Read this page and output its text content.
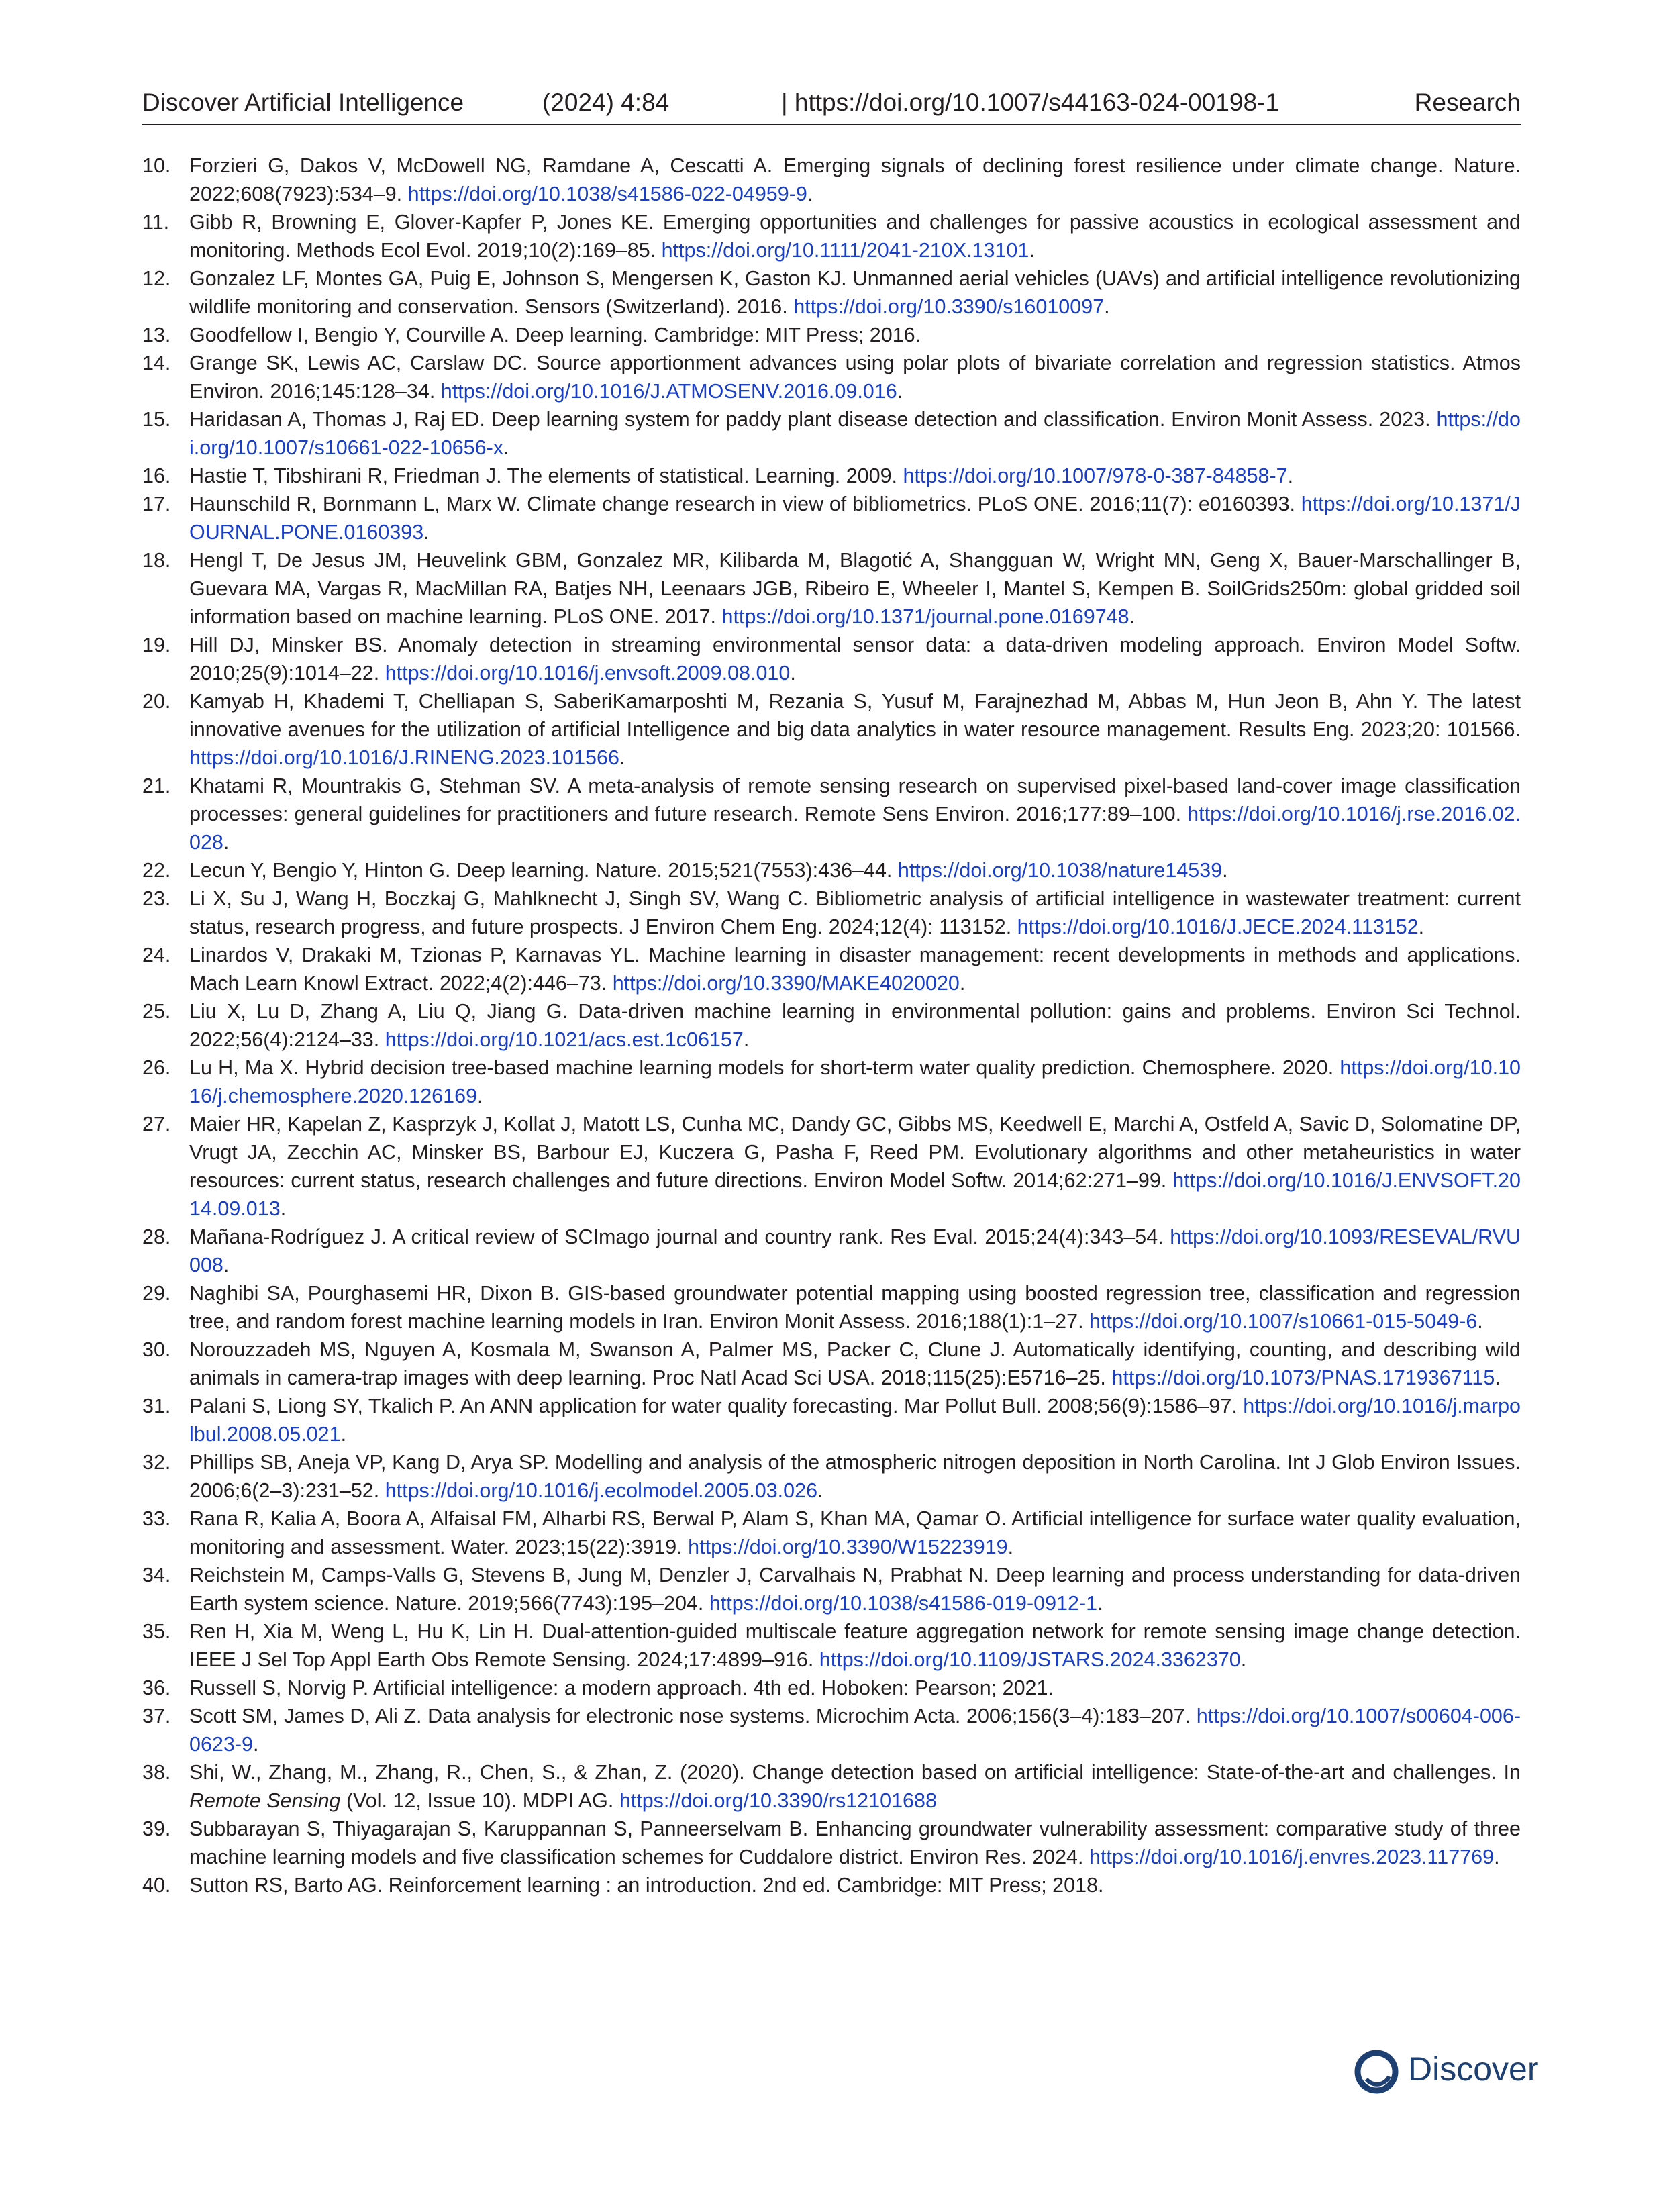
Discover Artificial Intelligence	(2024) 4:84	| https://doi.org/10.1007/s44163-024-00198-1	Research
10. Forzieri G, Dakos V, McDowell NG, Ramdane A, Cescatti A. Emerging signals of declining forest resilience under climate change. Nature. 2022;608(7923):534–9. https://doi.org/10.1038/s41586-022-04959-9.
11. Gibb R, Browning E, Glover-Kapfer P, Jones KE. Emerging opportunities and challenges for passive acoustics in ecological assessment and monitoring. Methods Ecol Evol. 2019;10(2):169–85. https://doi.org/10.1111/2041-210X.13101.
12. Gonzalez LF, Montes GA, Puig E, Johnson S, Mengersen K, Gaston KJ. Unmanned aerial vehicles (UAVs) and artificial intelligence revolutionizing wildlife monitoring and conservation. Sensors (Switzerland). 2016. https://doi.org/10.3390/s16010097.
13. Goodfellow I, Bengio Y, Courville A. Deep learning. Cambridge: MIT Press; 2016.
14. Grange SK, Lewis AC, Carslaw DC. Source apportionment advances using polar plots of bivariate correlation and regression statistics. Atmos Environ. 2016;145:128–34. https://doi.org/10.1016/J.ATMOSENV.2016.09.016.
15. Haridasan A, Thomas J, Raj ED. Deep learning system for paddy plant disease detection and classification. Environ Monit Assess. 2023. https://doi.org/10.1007/s10661-022-10656-x.
16. Hastie T, Tibshirani R, Friedman J. The elements of statistical. Learning. 2009. https://doi.org/10.1007/978-0-387-84858-7.
17. Haunschild R, Bornmann L, Marx W. Climate change research in view of bibliometrics. PLoS ONE. 2016;11(7): e0160393. https://doi.org/10.1371/JOURNAL.PONE.0160393.
18. Hengl T, De Jesus JM, Heuvelink GBM, Gonzalez MR, Kilibarda M, Blagotić A, Shangguan W, Wright MN, Geng X, Bauer-Marschallinger B, Guevara MA, Vargas R, MacMillan RA, Batjes NH, Leenaars JGB, Ribeiro E, Wheeler I, Mantel S, Kempen B. SoilGrids250m: global gridded soil information based on machine learning. PLoS ONE. 2017. https://doi.org/10.1371/journal.pone.0169748.
19. Hill DJ, Minsker BS. Anomaly detection in streaming environmental sensor data: a data-driven modeling approach. Environ Model Softw. 2010;25(9):1014–22. https://doi.org/10.1016/j.envsoft.2009.08.010.
20. Kamyab H, Khademi T, Chelliapan S, SaberiKamarposhti M, Rezania S, Yusuf M, Farajnezhad M, Abbas M, Hun Jeon B, Ahn Y. The latest innovative avenues for the utilization of artificial Intelligence and big data analytics in water resource management. Results Eng. 2023;20: 101566. https://doi.org/10.1016/J.RINENG.2023.101566.
21. Khatami R, Mountrakis G, Stehman SV. A meta-analysis of remote sensing research on supervised pixel-based land-cover image classification processes: general guidelines for practitioners and future research. Remote Sens Environ. 2016;177:89–100. https://doi.org/10.1016/j.rse.2016.02.028.
22. Lecun Y, Bengio Y, Hinton G. Deep learning. Nature. 2015;521(7553):436–44. https://doi.org/10.1038/nature14539.
23. Li X, Su J, Wang H, Boczkaj G, Mahlknecht J, Singh SV, Wang C. Bibliometric analysis of artificial intelligence in wastewater treatment: current status, research progress, and future prospects. J Environ Chem Eng. 2024;12(4): 113152. https://doi.org/10.1016/J.JECE.2024.113152.
24. Linardos V, Drakaki M, Tzionas P, Karnavas YL. Machine learning in disaster management: recent developments in methods and applications. Mach Learn Knowl Extract. 2022;4(2):446–73. https://doi.org/10.3390/MAKE4020020.
25. Liu X, Lu D, Zhang A, Liu Q, Jiang G. Data-driven machine learning in environmental pollution: gains and problems. Environ Sci Technol. 2022;56(4):2124–33. https://doi.org/10.1021/acs.est.1c06157.
26. Lu H, Ma X. Hybrid decision tree-based machine learning models for short-term water quality prediction. Chemosphere. 2020. https://doi.org/10.1016/j.chemosphere.2020.126169.
27. Maier HR, Kapelan Z, Kasprzyk J, Kollat J, Matott LS, Cunha MC, Dandy GC, Gibbs MS, Keedwell E, Marchi A, Ostfeld A, Savic D, Solomatine DP, Vrugt JA, Zecchin AC, Minsker BS, Barbour EJ, Kuczera G, Pasha F, Reed PM. Evolutionary algorithms and other metaheuristics in water resources: current status, research challenges and future directions. Environ Model Softw. 2014;62:271–99. https://doi.org/10.1016/J.ENVSOFT.2014.09.013.
28. Mañana-Rodríguez J. A critical review of SCImago journal and country rank. Res Eval. 2015;24(4):343–54. https://doi.org/10.1093/RESEVAL/RVU008.
29. Naghibi SA, Pourghasemi HR, Dixon B. GIS-based groundwater potential mapping using boosted regression tree, classification and regression tree, and random forest machine learning models in Iran. Environ Monit Assess. 2016;188(1):1–27. https://doi.org/10.1007/s10661-015-5049-6.
30. Norouzzadeh MS, Nguyen A, Kosmala M, Swanson A, Palmer MS, Packer C, Clune J. Automatically identifying, counting, and describing wild animals in camera-trap images with deep learning. Proc Natl Acad Sci USA. 2018;115(25):E5716–25. https://doi.org/10.1073/PNAS.1719367115.
31. Palani S, Liong SY, Tkalich P. An ANN application for water quality forecasting. Mar Pollut Bull. 2008;56(9):1586–97. https://doi.org/10.1016/j.marpolbul.2008.05.021.
32. Phillips SB, Aneja VP, Kang D, Arya SP. Modelling and analysis of the atmospheric nitrogen deposition in North Carolina. Int J Glob Environ Issues. 2006;6(2–3):231–52. https://doi.org/10.1016/j.ecolmodel.2005.03.026.
33. Rana R, Kalia A, Boora A, Alfaisal FM, Alharbi RS, Berwal P, Alam S, Khan MA, Qamar O. Artificial intelligence for surface water quality evaluation, monitoring and assessment. Water. 2023;15(22):3919. https://doi.org/10.3390/W15223919.
34. Reichstein M, Camps-Valls G, Stevens B, Jung M, Denzler J, Carvalhais N, Prabhat N. Deep learning and process understanding for data-driven Earth system science. Nature. 2019;566(7743):195–204. https://doi.org/10.1038/s41586-019-0912-1.
35. Ren H, Xia M, Weng L, Hu K, Lin H. Dual-attention-guided multiscale feature aggregation network for remote sensing image change detection. IEEE J Sel Top Appl Earth Obs Remote Sensing. 2024;17:4899–916. https://doi.org/10.1109/JSTARS.2024.3362370.
36. Russell S, Norvig P. Artificial intelligence: a modern approach. 4th ed. Hoboken: Pearson; 2021.
37. Scott SM, James D, Ali Z. Data analysis for electronic nose systems. Microchim Acta. 2006;156(3–4):183–207. https://doi.org/10.1007/s00604-006-0623-9.
38. Shi, W., Zhang, M., Zhang, R., Chen, S., & Zhan, Z. (2020). Change detection based on artificial intelligence: State-of-the-art and challenges. In Remote Sensing (Vol. 12, Issue 10). MDPI AG. https://doi.org/10.3390/rs12101688
39. Subbarayan S, Thiyagarajan S, Karuppannan S, Panneerselvam B. Enhancing groundwater vulnerability assessment: comparative study of three machine learning models and five classification schemes for Cuddalore district. Environ Res. 2024. https://doi.org/10.1016/j.envres.2023.117769.
40. Sutton RS, Barto AG. Reinforcement learning : an introduction. 2nd ed. Cambridge: MIT Press; 2018.
Discover
